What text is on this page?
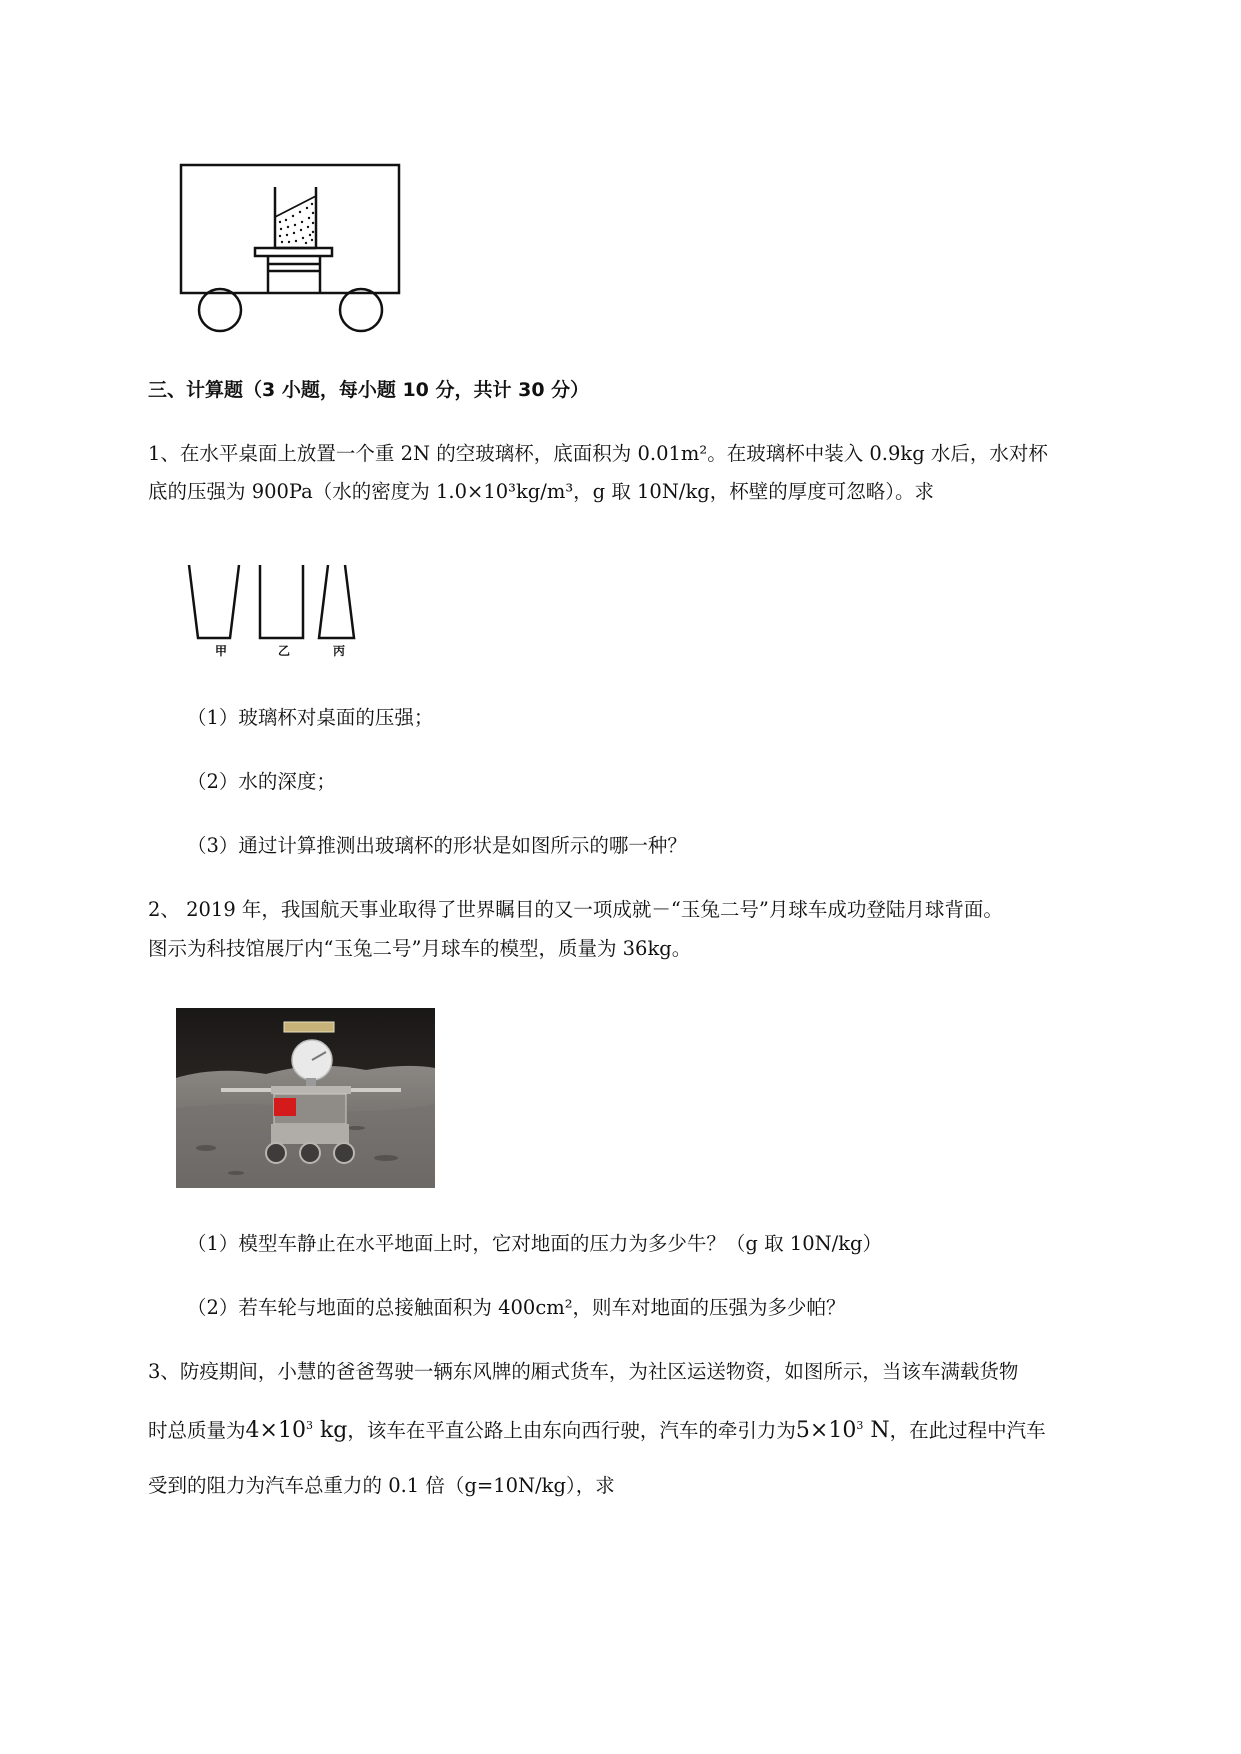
三、计算题（3 小题，每小题 10 分，共计 30 分）
1、在水平桌面上放置一个重 2N 的空玻璃杯，底面积为 0.01m²。在玻璃杯中装入 0.9kg 水后，水对杯
底的压强为 900Pa（水的密度为 1.0×10³kg/m³，g 取 10N/kg，杯壁的厚度可忽略）。求
甲	乙	丙
（1）玻璃杯对桌面的压强；
（2）水的深度；
（3）通过计算推测出玻璃杯的形状是如图所示的哪一种？
2、 2019 年，我国航天事业取得了世界瞩目的又一项成就－“玉兔二号”月球车成功登陆月球背面。
图示为科技馆展厅内“玉兔二号”月球车的模型，质量为 36kg。
（1）模型车静止在水平地面上时，它对地面的压力为多少牛？（g 取 10N/kg）
（2）若车轮与地面的总接触面积为 400cm²，则车对地面的压强为多少帕？
3、防疫期间，小慧的爸爸驾驶一辆东风牌的厢式货车，为社区运送物资，如图所示，当该车满载货物
时总质量为$4\times 10^3$ kg，该车在平直公路上由东向西行驶，汽车的牵引力为$5\times 10^3$ N，在此过程中汽车
受到的阻力为汽车总重力的 0.1 倍（g=10N/kg），求
